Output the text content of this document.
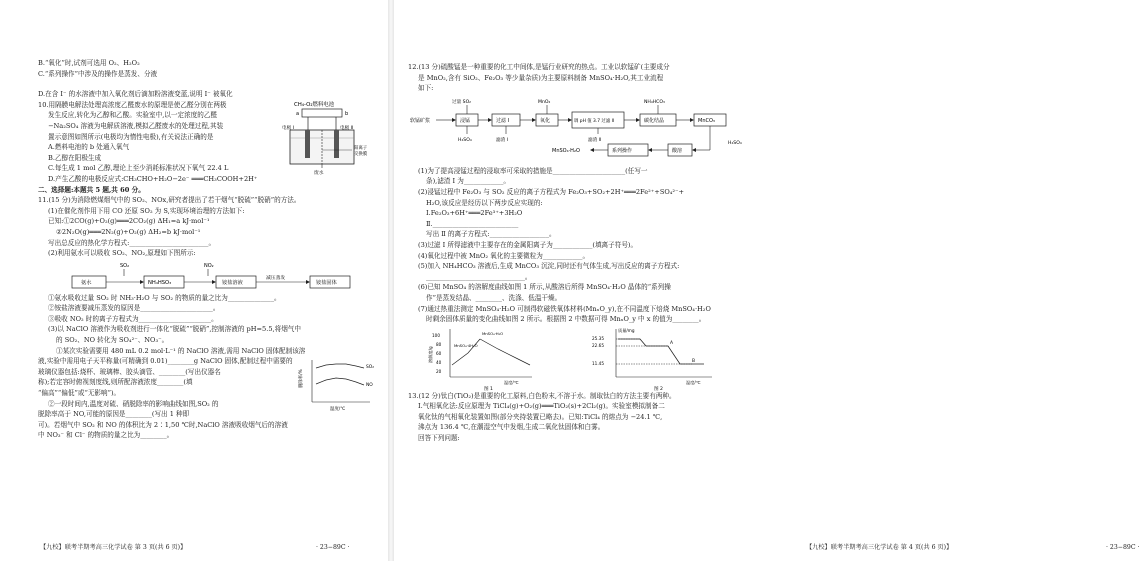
B.“氧化”时,试剂可选用 O₂、H₂O₂
C.“系列操作”中涉及的操作是蒸发、分液
D.在含 I⁻ 的水溶液中加入氧化剂后滴加粉溶液变蓝,说明 I⁻ 被氧化
10.用隔膜电解法处理高浓度乙醛废水的原理是使乙醛分别在两极
发生反应,转化为乙醇和乙酸。实验室中,以一定浓度的乙醛
−Na₂SO₄ 溶液为电解质溶液,模拟乙醛废水的处理过程,其装
置示意图如图所示(电极均为惰性电极),有关说法正确的是
A.燃料电池的 b 处通入氧气
B.乙醇在阳极生成
C.每生成 1 mol 乙醇,理论上至少消耗标准状况下氧气 22.4 L
D.产生乙酸的电极反应式:CH₃CHO+H₂O−2e⁻ ═══CH₃COOH+2H⁺
CH₄-O₂燃料电池
a	b
电极 I	电极 II
阳离子
交换膜
废水
二、选择题:本题共 5 题,共 60 分。
11.(15 分)为消除燃煤烟气中的 SO₂、NOx,研究者提出了若干烟气“脱硫”“脱硝”的方法。
(1)在催化剂作用下用 CO 还原 SO₂ 为 S,实现环境治理的方法如下:
已知:①2CO(g)+O₂(g)═══2CO₂(g) ΔH₁=a kJ·mol⁻¹
②2N₂O(g)═══2N₂(g)+O₂(g) ΔH₂=b kJ·mol⁻¹
写出总反应的热化学方程式:________________________。
(2)利用氨水可以吸收 SO₂、NO₂,原理如下图所示:
SO₂	NO₂
氨水	NH₄HSO₃	铵盐溶液
减压蒸发
铵盐固体
①氨水吸收过量 SO₂ 时 NH₃·H₂O 与 SO₂ 的物质的量之比为______________。
②铵盐溶液要减压蒸发的原因是______________________。
③吸收 NO₂ 时的离子方程式为______________________。
(3)以 NaClO 溶液作为吸收剂进行一体化“脱硫”“脱硝”,控制溶液的 pH=5.5,将烟气中
的 SO₂、NO 转化为 SO₄²⁻、NO₃⁻。
①某次实验需要用 480 mL 0.2 mol·L⁻¹ 的 NaClO 溶液,需用 NaClO 固体配制该溶
液,实验中需用电子天平称量(可精确到 0.01)________g NaClO 固体,配制过程中需要的
玻璃仪器包括:烧杯、玻璃棒、胶头滴管、________(写出仪器名
称);若定容时俯视刻度线,则所配溶液浓度________(填
“偏高”“偏低”或“无影响”)。
②一段时间内,温度对硫、硝脱除率的影响曲线如图,SO₂ 的
脱除率高于 NO,可能的原因是________(写出 1 种即
可)。若烟气中 SO₂ 和 NO 的体积比为 2∶1,50 ℃时,NaClO 溶液吸收烟气后的溶液
中 NO₃⁻ 和 Cl⁻ 的物质的量之比为________。
脱除率/%
温度/℃
SO₂
NO
【九校】联考半期考高三化学试卷 第 3 页(共 6 页)】	· 23−89C ·
12.(13 分)硫酸锰是一种重要的化工中间体,是锰行业研究的热点。工业以软锰矿(主要成分
是 MnO₂,含有 SiO₂、Fe₂O₃ 等少量杂质)为主要原料制备 MnSO₄·H₂O,其工业流程
如下:
软锰矿浆	浸锰
过量 SO₂
H₂SO₄
过滤 I
滤渣 I
氧化
MnO₂
调 pH 值 3.7 过滤 II
滤渣 II
碳化结晶
NH₄HCO₃
MnCO₃
酸溶
H₂SO₄
系列操作
MnSO₄·H₂O
(1)为了提高浸锰过程的浸取率可采取的措施是______________________(任写一
条),滤渣 I 为____________。
(2)浸锰过程中 Fe₂O₃ 与 SO₂ 反应的离子方程式为 Fe₂O₃+SO₂+2H⁺═══2Fe²⁺+SO₄²⁻+
H₂O,该反应是经历以下两步反应实现的:
Ⅰ.Fe₂O₃+6H⁺═══2Fe³⁺+3H₂O
Ⅱ.__________________________
写出 Ⅱ 的离子方程式:__________________。
(3)过滤 I 所得滤液中主要存在的金属阳离子为____________(填离子符号)。
(4)氧化过程中被 MnO₂ 氧化的主要微粒为____________。
(5)加入 NH₄HCO₃ 溶液后,生成 MnCO₃ 沉淀,同时还有气体生成,写出反应的离子方程式:
______________________________。
(6)已知 MnSO₄ 的溶解度曲线如图 1 所示,从酸溶后所得 MnSO₄·H₂O 晶体的“系列操
作”是蒸发结晶、________、洗涤、低温干燥。
(7)通过热重法测定 MnSO₄·H₂O 可制得软磁铁氧体材料(MnₓO_y),在不同温度下焙烧 MnSO₄·H₂O
时剩余固体质量的变化曲线如图 2 所示。根据图 2 中数据可得 MnₓO_y 中 x 的值为________。
100
80
60
40
20
溶解度/g
MnSO₄·H₂O
MnSO₄·4H₂O
温度/℃
图 1
质量/mg
25.35
22.65
11.45
A
B
温度/℃
图 2
13.(12 分)钛白(TiO₂)是重要的化工原料,白色粉末,不溶于水。制取钛白的方法主要有两种。
Ⅰ.气相氧化法:反应原理为 TiCl₄(g)+O₂(g)═══TiO₂(s)+2Cl₂(g)。实验室模拟制备二
氧化钛的气相氧化装置如图(部分夹持装置已略去)。已知:TiCl₄ 的熔点为 −24.1 ℃,
沸点为 136.4 ℃,在潮湿空气中发烟,生成二氧化钛固体和白雾。
回答下列问题:
【九校】联考半期考高三化学试卷 第 4 页(共 6 页)】	· 23−89C ·
